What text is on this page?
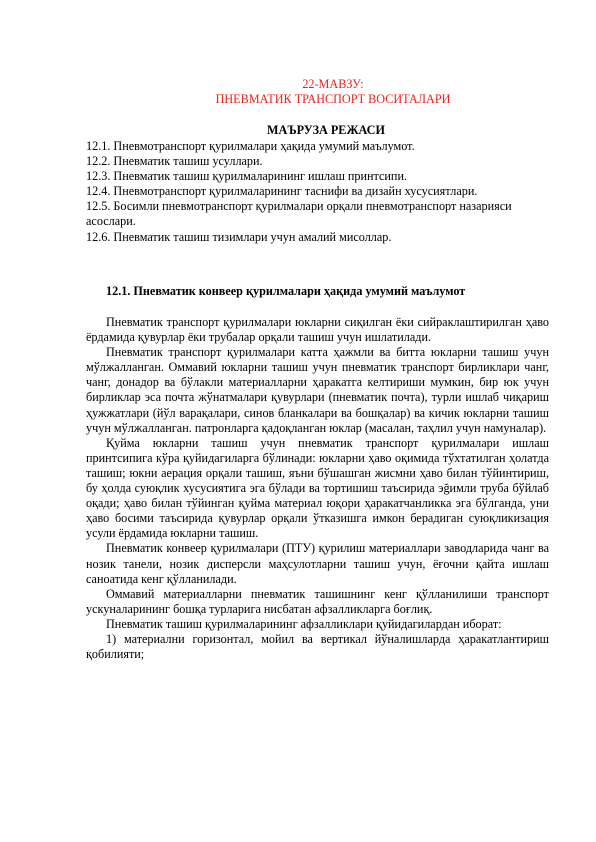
22-МАВЗУ:
ПНЕВМАТИК ТРАНСПОРТ ВОСИТАЛАРИ
МАЪРУЗА РЕЖАСИ

12.1. Пневмотранспорт қурилмалари ҳақида умумий маълумот.

12.2. Пневматик ташиш усуллари.

12.3. Пневматик ташиш қурилмаларининг ишлаш принтсипи.

12.4. Пневмотранспорт қурилмаларининг таснифи ва дизайн хусусиятлари.

12.5. Босимли пневмотранспорт қурилмалари орқали пневмотранспорт назарияси асослари.

12.6. Пневматик ташиш тизимлари учун амалий мисоллар.

12.1. Пневматик конвеер қурилмалари ҳақида умумий маълумот

Пневматик транспорт қурилмалари юкларни сиқилган ёки сийраклаштирилган ҳаво ёрдамида қувурлар ёки трубалар орқали ташиш учун ишлатилади.

Пневматик транспорт қурилмалари катта ҳажмли ва битта юкларни ташиш учун мўлжалланган. Оммавий юкларни ташиш учун пневматик транспорт бирликлари чанг, чанг, донадор ва бўлакли материалларни ҳаракатга келтириши мумкин, бир юк учун бирликлар эса почта жўнатмалари қувурлари (пневматик почта), турли ишлаб чиқариш ҳужжатлари (йўл варақалари, синов бланкалари ва бошқалар) ва кичик юкларни ташиш учун мўлжалланган. патронларга қадоқланган юклар (масалан, таҳлил учун намуналар).

Қуйма юкларни ташиш учун пневматик транспорт қурилмалари ишлаш принтсипига кўра қуйидагиларга бўлинади: юкларни ҳаво оқимида тўхтатилган ҳолатда ташиш; юкни аерация орқали ташиш, яъни бўшашган жисмни ҳаво билан тўйинтириш, бу ҳолда суюқлик хусусиятига эга бўлади ва тортишиш таъсирида эğимли труба бўйлаб оқади; ҳаво билан тўйинган қуйма материал юқори ҳаракатчанликка эга бўлганда, уни ҳаво босими таъсирида қувурлар орқали ўтказишга имкон берадиган суюқликизация усули ёрдамида юкларни ташиш.

Пневматик конвеер қурилмалари (ПТУ) қурилиш материаллари заводларида чанг ва нозик танели, нозик дисперсли маҳсулотларни ташиш учун, ёғочни қайта ишлаш саноатида кенг қўлланилади.

Оммавий материалларни пневматик ташишнинг кенг қўлланилиши транспорт ускуналарининг бошқа турларига нисбатан афзалликларга боғлиқ.

Пневматик ташиш қурилмаларининг афзалликлари қуйидагилардан иборат:

1) материални горизонтал, мойил ва вертикал йўналишларда ҳаракатлантириш қобилияти;
